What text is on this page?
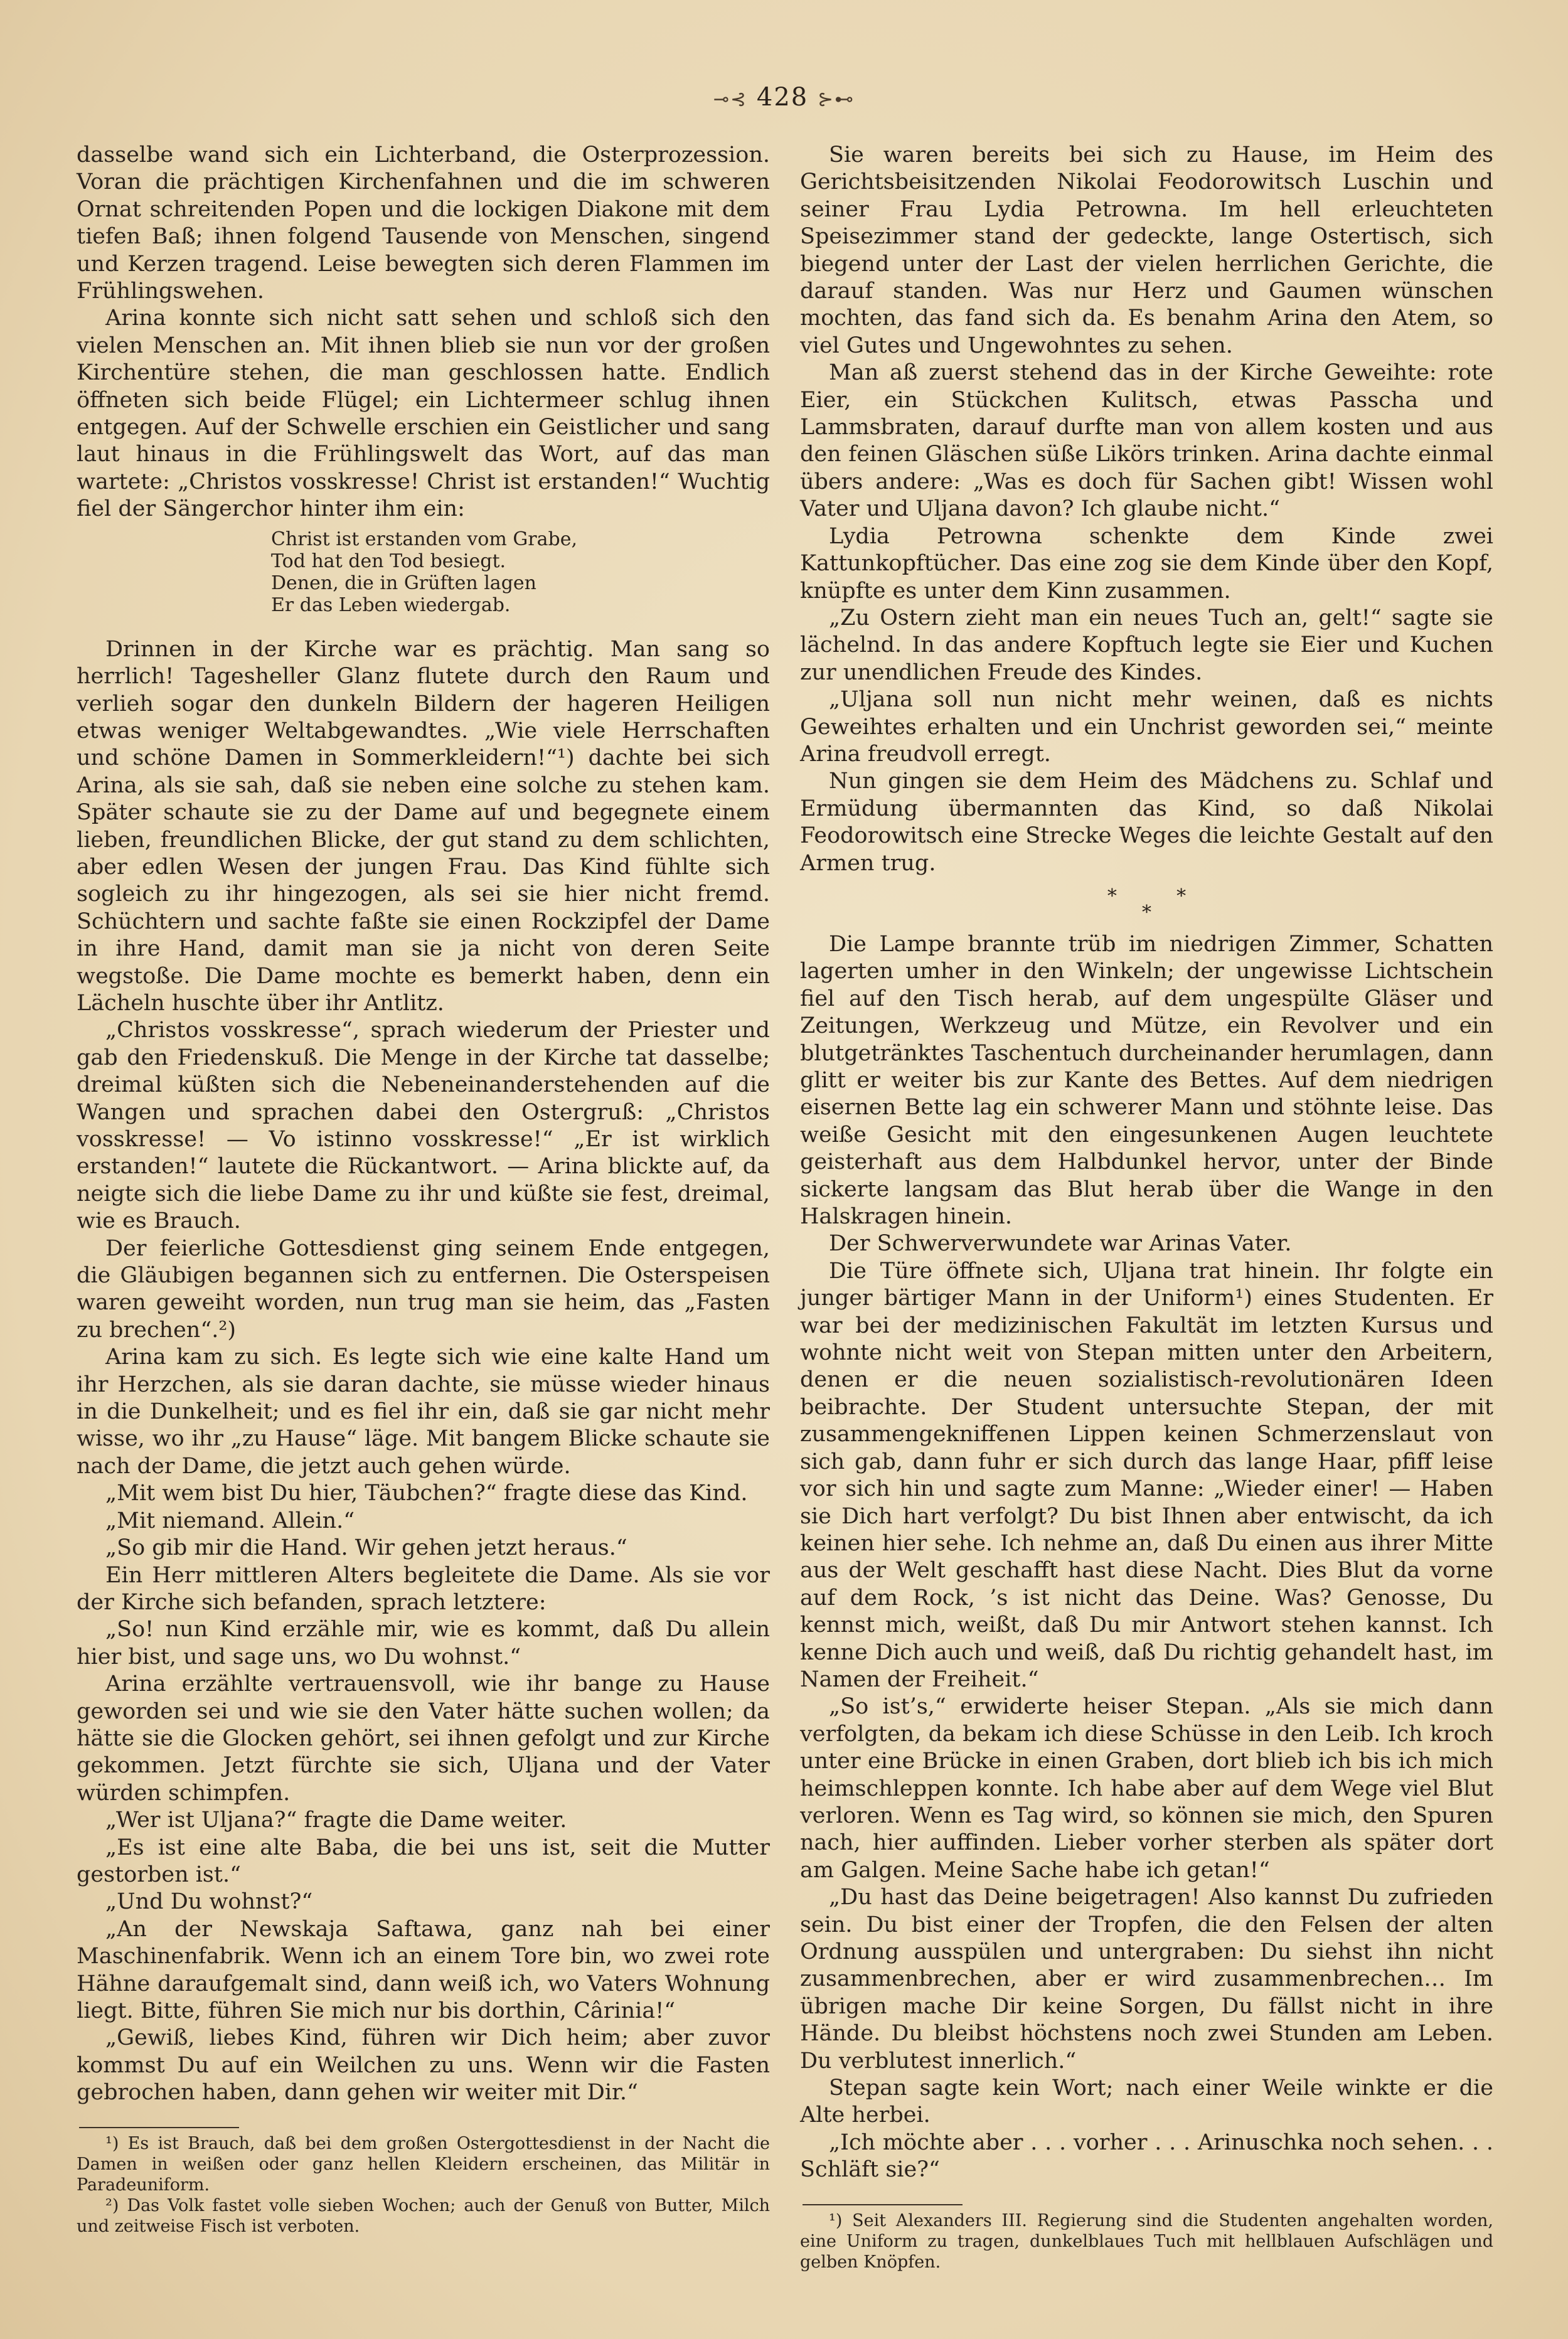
⊸⊰ 428 ⊱⊷

dasselbe wand sich ein Lichterband, die Osterprozession. Voran die prächtigen Kirchenfahnen und die im schweren Ornat schreitenden Popen und die lockigen Diakone mit dem tiefen Baß; ihnen folgend Tausende von Menschen, singend und Kerzen tragend. Leise bewegten sich deren Flammen im Frühlingswehen.

Arina konnte sich nicht satt sehen und schloß sich den vielen Menschen an. Mit ihnen blieb sie nun vor der großen Kirchentüre stehen, die man geschlossen hatte. Endlich öffneten sich beide Flügel; ein Lichtermeer schlug ihnen entgegen. Auf der Schwelle erschien ein Geistlicher und sang laut hinaus in die Frühlingswelt das Wort, auf das man wartete: „Christos vosskresse! Christ ist erstanden!“ Wuchtig fiel der Sängerchor hinter ihm ein:

Christ ist erstanden vom Grabe,
Tod hat den Tod besiegt.
Denen, die in Grüften lagen
Er das Leben wiedergab.

Drinnen in der Kirche war es prächtig. Man sang so herrlich! Tagesheller Glanz flutete durch den Raum und verlieh sogar den dunkeln Bildern der hageren Heiligen etwas weniger Weltabgewandtes. „Wie viele Herrschaften und schöne Damen in Sommerkleidern!“¹) dachte bei sich Arina, als sie sah, daß sie neben eine solche zu stehen kam. Später schaute sie zu der Dame auf und begegnete einem lieben, freundlichen Blicke, der gut stand zu dem schlichten, aber edlen Wesen der jungen Frau. Das Kind fühlte sich sogleich zu ihr hingezogen, als sei sie hier nicht fremd. Schüchtern und sachte faßte sie einen Rockzipfel der Dame in ihre Hand, damit man sie ja nicht von deren Seite wegstoße. Die Dame mochte es bemerkt haben, denn ein Lächeln huschte über ihr Antlitz.

„Christos vosskresse“, sprach wiederum der Priester und gab den Friedenskuß. Die Menge in der Kirche tat dasselbe; dreimal küßten sich die Nebeneinanderstehenden auf die Wangen und sprachen dabei den Ostergruß: „Christos vosskresse! — Vo istinno vosskresse!“ „Er ist wirklich erstanden!“ lautete die Rückantwort. — Arina blickte auf, da neigte sich die liebe Dame zu ihr und küßte sie fest, dreimal, wie es Brauch.

Der feierliche Gottesdienst ging seinem Ende entgegen, die Gläubigen begannen sich zu entfernen. Die Osterspeisen waren geweiht worden, nun trug man sie heim, das „Fasten zu brechen“.²)

Arina kam zu sich. Es legte sich wie eine kalte Hand um ihr Herzchen, als sie daran dachte, sie müsse wieder hinaus in die Dunkelheit; und es fiel ihr ein, daß sie gar nicht mehr wisse, wo ihr „zu Hause“ läge. Mit bangem Blicke schaute sie nach der Dame, die jetzt auch gehen würde.

„Mit wem bist Du hier, Täubchen?“ fragte diese das Kind.

„Mit niemand. Allein.“

„So gib mir die Hand. Wir gehen jetzt heraus.“

Ein Herr mittleren Alters begleitete die Dame. Als sie vor der Kirche sich befanden, sprach letztere:

„So! nun Kind erzähle mir, wie es kommt, daß Du allein hier bist, und sage uns, wo Du wohnst.“

Arina erzählte vertrauensvoll, wie ihr bange zu Hause geworden sei und wie sie den Vater hätte suchen wollen; da hätte sie die Glocken gehört, sei ihnen gefolgt und zur Kirche gekommen. Jetzt fürchte sie sich, Uljana und der Vater würden schimpfen.

„Wer ist Uljana?“ fragte die Dame weiter.

„Es ist eine alte Baba, die bei uns ist, seit die Mutter gestorben ist.“

„Und Du wohnst?“

„An der Newskaja Saftawa, ganz nah bei einer Maschinenfabrik. Wenn ich an einem Tore bin, wo zwei rote Hähne daraufgemalt sind, dann weiß ich, wo Vaters Wohnung liegt. Bitte, führen Sie mich nur bis dorthin, Cârinia!“

„Gewiß, liebes Kind, führen wir Dich heim; aber zuvor kommst Du auf ein Weilchen zu uns. Wenn wir die Fasten gebrochen haben, dann gehen wir weiter mit Dir.“

¹) Es ist Brauch, daß bei dem großen Ostergottesdienst in der Nacht die Damen in weißen oder ganz hellen Kleidern erscheinen, das Militär in Paradeuniform.

²) Das Volk fastet volle sieben Wochen; auch der Genuß von Butter, Milch und zeitweise Fisch ist verboten.

Sie waren bereits bei sich zu Hause, im Heim des Gerichtsbeisitzenden Nikolai Feodorowitsch Luschin und seiner Frau Lydia Petrowna. Im hell erleuchteten Speisezimmer stand der gedeckte, lange Ostertisch, sich biegend unter der Last der vielen herrlichen Gerichte, die darauf standen. Was nur Herz und Gaumen wünschen mochten, das fand sich da. Es benahm Arina den Atem, so viel Gutes und Ungewohntes zu sehen.

Man aß zuerst stehend das in der Kirche Geweihte: rote Eier, ein Stückchen Kulitsch, etwas Passcha und Lammsbraten, darauf durfte man von allem kosten und aus den feinen Gläschen süße Likörs trinken. Arina dachte einmal übers andere: „Was es doch für Sachen gibt! Wissen wohl Vater und Uljana davon? Ich glaube nicht.“

Lydia Petrowna schenkte dem Kinde zwei Kattunkopftücher. Das eine zog sie dem Kinde über den Kopf, knüpfte es unter dem Kinn zusammen.

„Zu Ostern zieht man ein neues Tuch an, gelt!“ sagte sie lächelnd. In das andere Kopftuch legte sie Eier und Kuchen zur unendlichen Freude des Kindes.

„Uljana soll nun nicht mehr weinen, daß es nichts Geweihtes erhalten und ein Unchrist geworden sei,“ meinte Arina freudvoll erregt.

Nun gingen sie dem Heim des Mädchens zu. Schlaf und Ermüdung übermannten das Kind, so daß Nikolai Feodorowitsch eine Strecke Weges die leichte Gestalt auf den Armen trug.

*          *
*

Die Lampe brannte trüb im niedrigen Zimmer, Schatten lagerten umher in den Winkeln; der ungewisse Lichtschein fiel auf den Tisch herab, auf dem ungespülte Gläser und Zeitungen, Werkzeug und Mütze, ein Revolver und ein blutgetränktes Taschentuch durcheinander herumlagen, dann glitt er weiter bis zur Kante des Bettes. Auf dem niedrigen eisernen Bette lag ein schwerer Mann und stöhnte leise. Das weiße Gesicht mit den eingesunkenen Augen leuchtete geisterhaft aus dem Halbdunkel hervor, unter der Binde sickerte langsam das Blut herab über die Wange in den Halskragen hinein.

Der Schwerverwundete war Arinas Vater.

Die Türe öffnete sich, Uljana trat hinein. Ihr folgte ein junger bärtiger Mann in der Uniform¹) eines Studenten. Er war bei der medizinischen Fakultät im letzten Kursus und wohnte nicht weit von Stepan mitten unter den Arbeitern, denen er die neuen sozialistisch-revolutionären Ideen beibrachte. Der Student untersuchte Stepan, der mit zusammengekniffenen Lippen keinen Schmerzenslaut von sich gab, dann fuhr er sich durch das lange Haar, pfiff leise vor sich hin und sagte zum Manne: „Wieder einer! — Haben sie Dich hart verfolgt? Du bist Ihnen aber entwischt, da ich keinen hier sehe. Ich nehme an, daß Du einen aus ihrer Mitte aus der Welt geschafft hast diese Nacht. Dies Blut da vorne auf dem Rock, ’s ist nicht das Deine. Was? Genosse, Du kennst mich, weißt, daß Du mir Antwort stehen kannst. Ich kenne Dich auch und weiß, daß Du richtig gehandelt hast, im Namen der Freiheit.“

„So ist’s,“ erwiderte heiser Stepan. „Als sie mich dann verfolgten, da bekam ich diese Schüsse in den Leib. Ich kroch unter eine Brücke in einen Graben, dort blieb ich bis ich mich heimschleppen konnte. Ich habe aber auf dem Wege viel Blut verloren. Wenn es Tag wird, so können sie mich, den Spuren nach, hier auffinden. Lieber vorher sterben als später dort am Galgen. Meine Sache habe ich getan!“

„Du hast das Deine beigetragen! Also kannst Du zufrieden sein. Du bist einer der Tropfen, die den Felsen der alten Ordnung ausspülen und untergraben: Du siehst ihn nicht zusammenbrechen, aber er wird zusammenbrechen… Im übrigen mache Dir keine Sorgen, Du fällst nicht in ihre Hände. Du bleibst höchstens noch zwei Stunden am Leben. Du verblutest innerlich.“

Stepan sagte kein Wort; nach einer Weile winkte er die Alte herbei.

„Ich möchte aber . . . vorher . . . Arinuschka noch sehen. . . Schläft sie?“

¹) Seit Alexanders III. Regierung sind die Studenten angehalten worden, eine Uniform zu tragen, dunkelblaues Tuch mit hellblauen Aufschlägen und gelben Knöpfen.
